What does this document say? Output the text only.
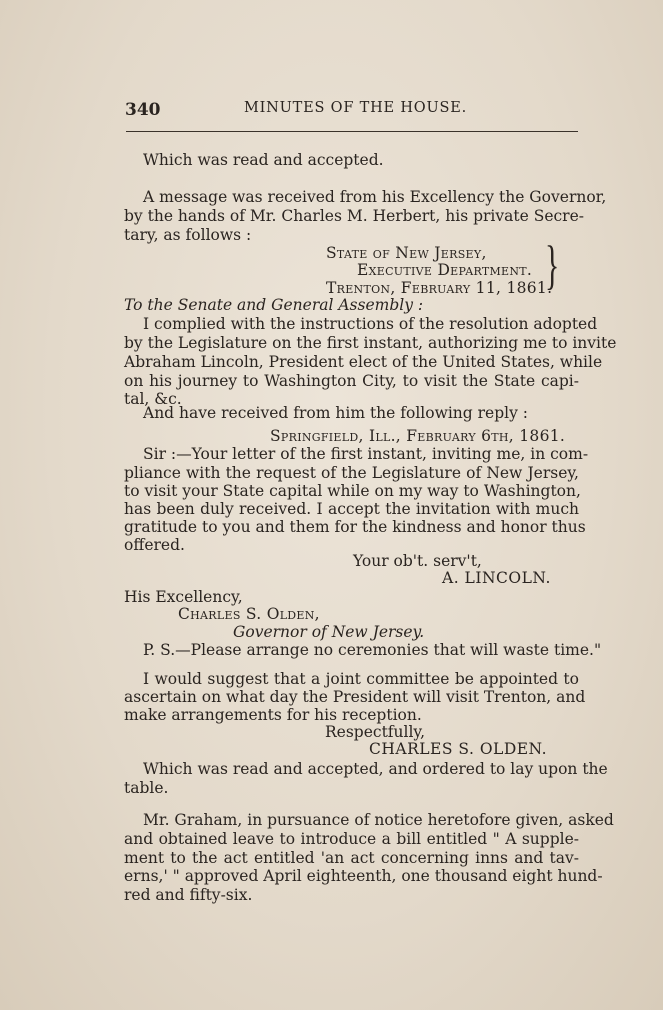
340	MINUTES OF THE HOUSE.
Which was read and accepted.
A message was received from his Excellency the Governor,
by the hands of Mr. Charles M. Herbert, his private Secre-
tary, as follows :
State of New Jersey,
Executive Department.
Trenton, February 11, 1861.
}
To the Senate and General Assembly :
I complied with the instructions of the resolution adopted
by the Legislature on the first instant, authorizing me to invite
Abraham Lincoln, President elect of the United States, while
on his journey to Washington City, to visit the State capi-
tal, &c.
And have received from him the following reply :
Springfield, Ill., February 6th, 1861.
Sir :—Your letter of the first instant, inviting me, in com-
pliance with the request of the Legislature of New Jersey,
to visit your State capital while on my way to Washington,
has been duly received. I accept the invitation with much
gratitude to you and them for the kindness and honor thus
offered.
Your ob't. serv't,
A. LINCOLN.
His Excellency,
Charles S. Olden,
Governor of New Jersey.
P. S.—Please arrange no ceremonies that will waste time."
I would suggest that a joint committee be appointed to
ascertain on what day the President will visit Trenton, and
make arrangements for his reception.
Respectfully,
CHARLES S. OLDEN.
Which was read and accepted, and ordered to lay upon the
table.
Mr. Graham, in pursuance of notice heretofore given, asked
and obtained leave to introduce a bill entitled " A supple-
ment to the act entitled 'an act concerning inns and tav-
erns,' " approved April eighteenth, one thousand eight hund-
red and fifty-six.
